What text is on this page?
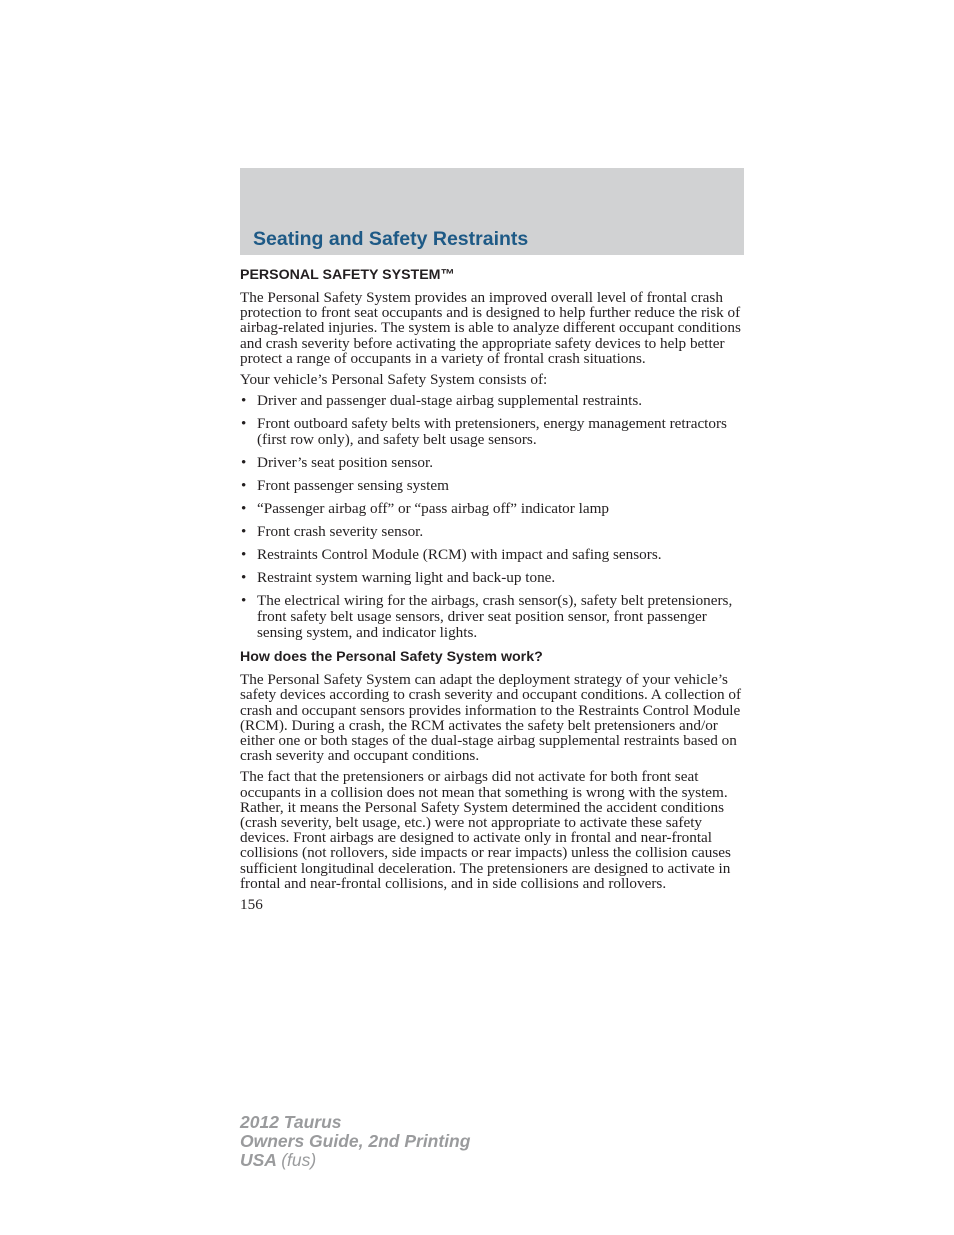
Seating and Safety Restraints
PERSONAL SAFETY SYSTEM™

The Personal Safety System provides an improved overall level of frontal crash protection to front seat occupants and is designed to help further reduce the risk of airbag-related injuries. The system is able to analyze different occupant conditions and crash severity before activating the appropriate safety devices to help better protect a range of occupants in a variety of frontal crash situations.

Your vehicle’s Personal Safety System consists of:

• Driver and passenger dual-stage airbag supplemental restraints.
• Front outboard safety belts with pretensioners, energy management retractors (first row only), and safety belt usage sensors.
• Driver’s seat position sensor.
• Front passenger sensing system
• “Passenger airbag off” or “pass airbag off” indicator lamp
• Front crash severity sensor.
• Restraints Control Module (RCM) with impact and safing sensors.
• Restraint system warning light and back-up tone.
• The electrical wiring for the airbags, crash sensor(s), safety belt pretensioners, front safety belt usage sensors, driver seat position sensor, front passenger sensing system, and indicator lights.
How does the Personal Safety System work?

The Personal Safety System can adapt the deployment strategy of your vehicle’s safety devices according to crash severity and occupant conditions. A collection of crash and occupant sensors provides information to the Restraints Control Module (RCM). During a crash, the RCM activates the safety belt pretensioners and/or either one or both stages of the dual-stage airbag supplemental restraints based on crash severity and occupant conditions.

The fact that the pretensioners or airbags did not activate for both front seat occupants in a collision does not mean that something is wrong with the system. Rather, it means the Personal Safety System determined the accident conditions (crash severity, belt usage, etc.) were not appropriate to activate these safety devices. Front airbags are designed to activate only in frontal and near-frontal collisions (not rollovers, side impacts or rear impacts) unless the collision causes sufficient longitudinal deceleration. The pretensioners are designed to activate in frontal and near-frontal collisions, and in side collisions and rollovers.

156
2012 Taurus
Owners Guide, 2nd Printing
USA (fus)
